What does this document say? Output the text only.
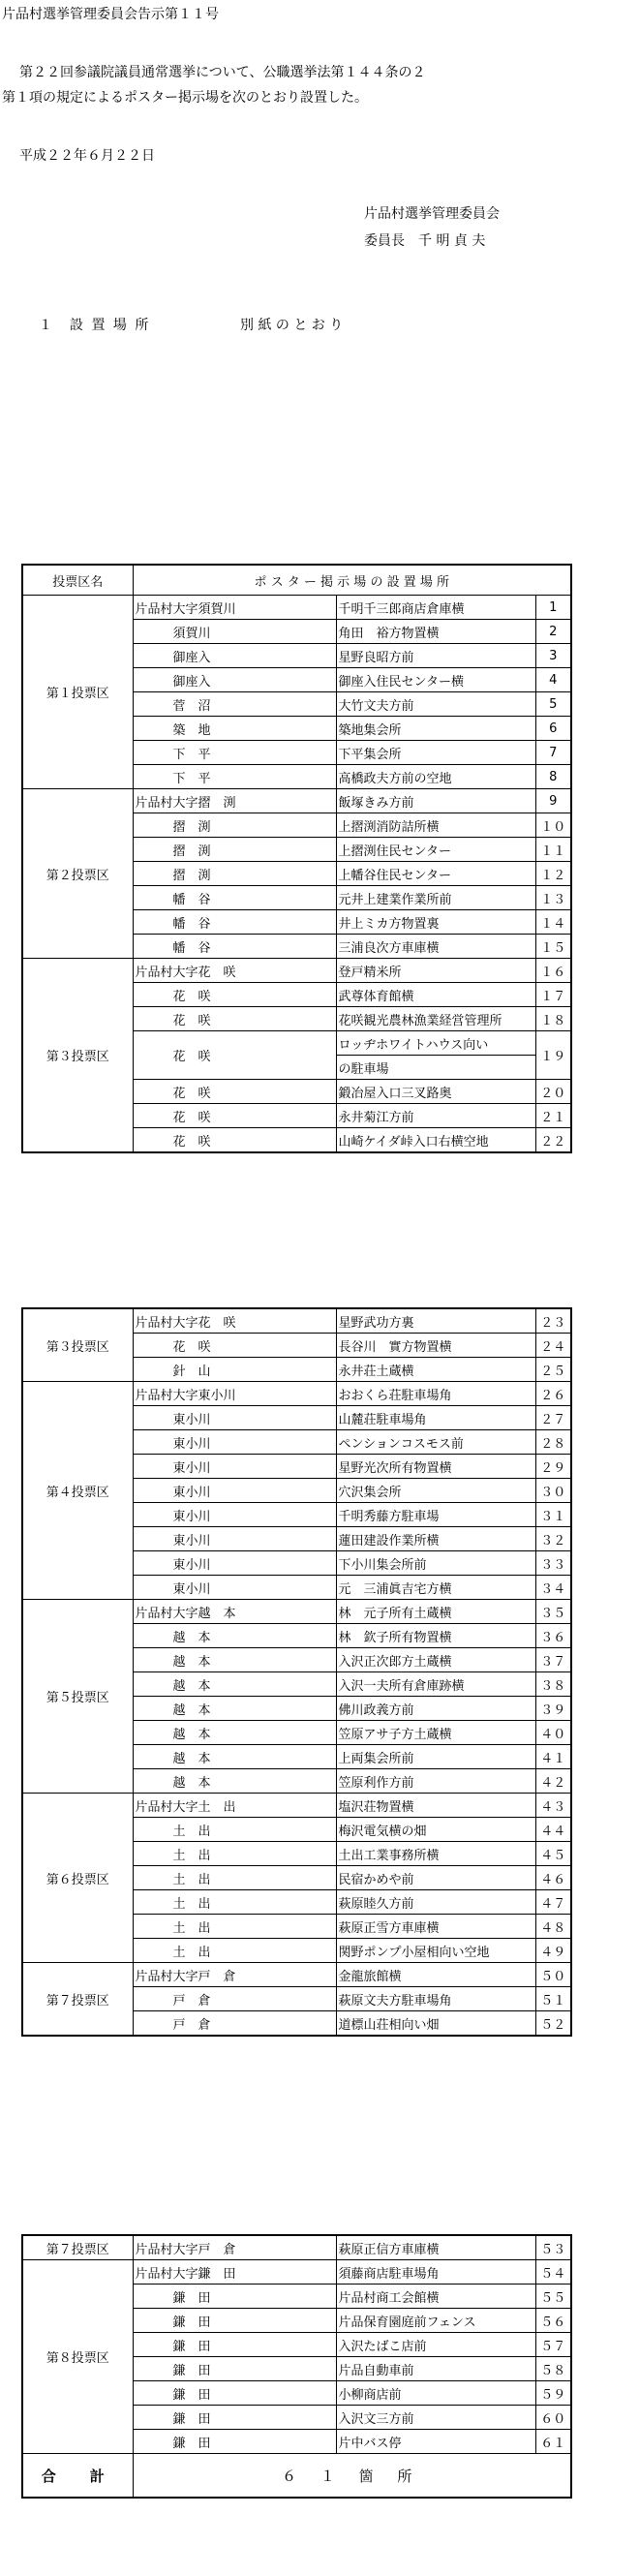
片品村選挙管理委員会告示第１１号
第２２回参議院議員通常選挙について、公職選挙法第１４４条の２
第１項の規定によるポスター掲示場を次のとおり設置した。
平成２２年６月２２日
片品村選挙管理委員会
委員長　千 明 貞 夫
１　設 置 場 所	別 紙 の と お り
投票区名	ポ ス タ ー 掲 示 場 の 設 置 場 所		
第１投票区	片品村大字須賀川	千明千三郎商店倉庫横	1
	　　　須賀川	角田　裕方物置横	2
	　　　御座入	星野良昭方前	3
	　　　御座入	御座入住民センター横	4
	　　　菅　沼	大竹文夫方前	5
	　　　築　地	築地集会所	6
	　　　下　平	下平集会所	7
	　　　下　平	高橋政夫方前の空地	8
第２投票区	片品村大字摺　渕	飯塚きみ方前	9
	　　　摺　渕	上摺渕消防詰所横	１０
	　　　摺　渕	上摺渕住民センター	１１
	　　　摺　渕	上幡谷住民センター	１２
	　　　幡　谷	元井上建業作業所前	１３
	　　　幡　谷	井上ミカ方物置裏	１４
	　　　幡　谷	三浦良次方車庫横	１５
第３投票区	片品村大字花　咲	登戸精米所	１６
	　　　花　咲	武尊体育館横	１７
	　　　花　咲	花咲観光農林漁業経営管理所	１８
	　　　花　咲	ロッヂホワイトハウス向い	１９
		の駐車場	
	　　　花　咲	鍛冶屋入口三叉路奥	２０
	　　　花　咲	永井菊江方前	２１
	　　　花　咲	山崎ケイダ峠入口右横空地	２２
第３投票区	片品村大字花　咲	星野武功方裏	２３
	　　　花　咲	長谷川　實方物置横	２４
	　　　針　山	永井荘土蔵横	２５
第４投票区	片品村大字東小川	おおくら荘駐車場角	２６
	　　　東小川	山麓荘駐車場角	２７
	　　　東小川	ペンションコスモス前	２８
	　　　東小川	星野光次所有物置横	２９
	　　　東小川	穴沢集会所	３０
	　　　東小川	千明秀藤方駐車場	３１
	　　　東小川	蓮田建設作業所横	３２
	　　　東小川	下小川集会所前	３３
	　　　東小川	元　三浦眞吉宅方横	３４
第５投票区	片品村大字越　本	林　元子所有土蔵横	３５
	　　　越　本	林　欽子所有物置横	３６
	　　　越　本	入沢正次郎方土蔵横	３７
	　　　越　本	入沢一夫所有倉庫跡横	３８
	　　　越　本	佛川政義方前	３９
	　　　越　本	笠原アサ子方土蔵横	４０
	　　　越　本	上両集会所前	４１
	　　　越　本	笠原利作方前	４２
第６投票区	片品村大字土　出	塩沢荘物置横	４３
	　　　土　出	梅沢電気横の畑	４４
	　　　土　出	土出工業事務所横	４５
	　　　土　出	民宿かめや前	４６
	　　　土　出	萩原睦久方前	４７
	　　　土　出	萩原正雪方車庫横	４８
	　　　土　出	関野ポンプ小屋相向い空地	４９
第７投票区	片品村大字戸　倉	金龍旅館横	５０
	　　　戸　倉	萩原文夫方駐車場角	５１
	　　　戸　倉	道標山荘相向い畑	５２
第７投票区	片品村大字戸　倉	萩原正信方車庫横	５３
第８投票区	片品村大字鎌　田	須藤商店駐車場角	５４
	　　　鎌　田	片品村商工会館横	５５
	　　　鎌　田	片品保育園庭前フェンス	５６
	　　　鎌　田	入沢たばこ店前	５７
	　　　鎌　田	片品自動車前	５８
	　　　鎌　田	小柳商店前	５９
	　　　鎌　田	入沢文三方前	６０
	　　　鎌　田	片中バス停	６１
合　計	６ １ 箇 所		
